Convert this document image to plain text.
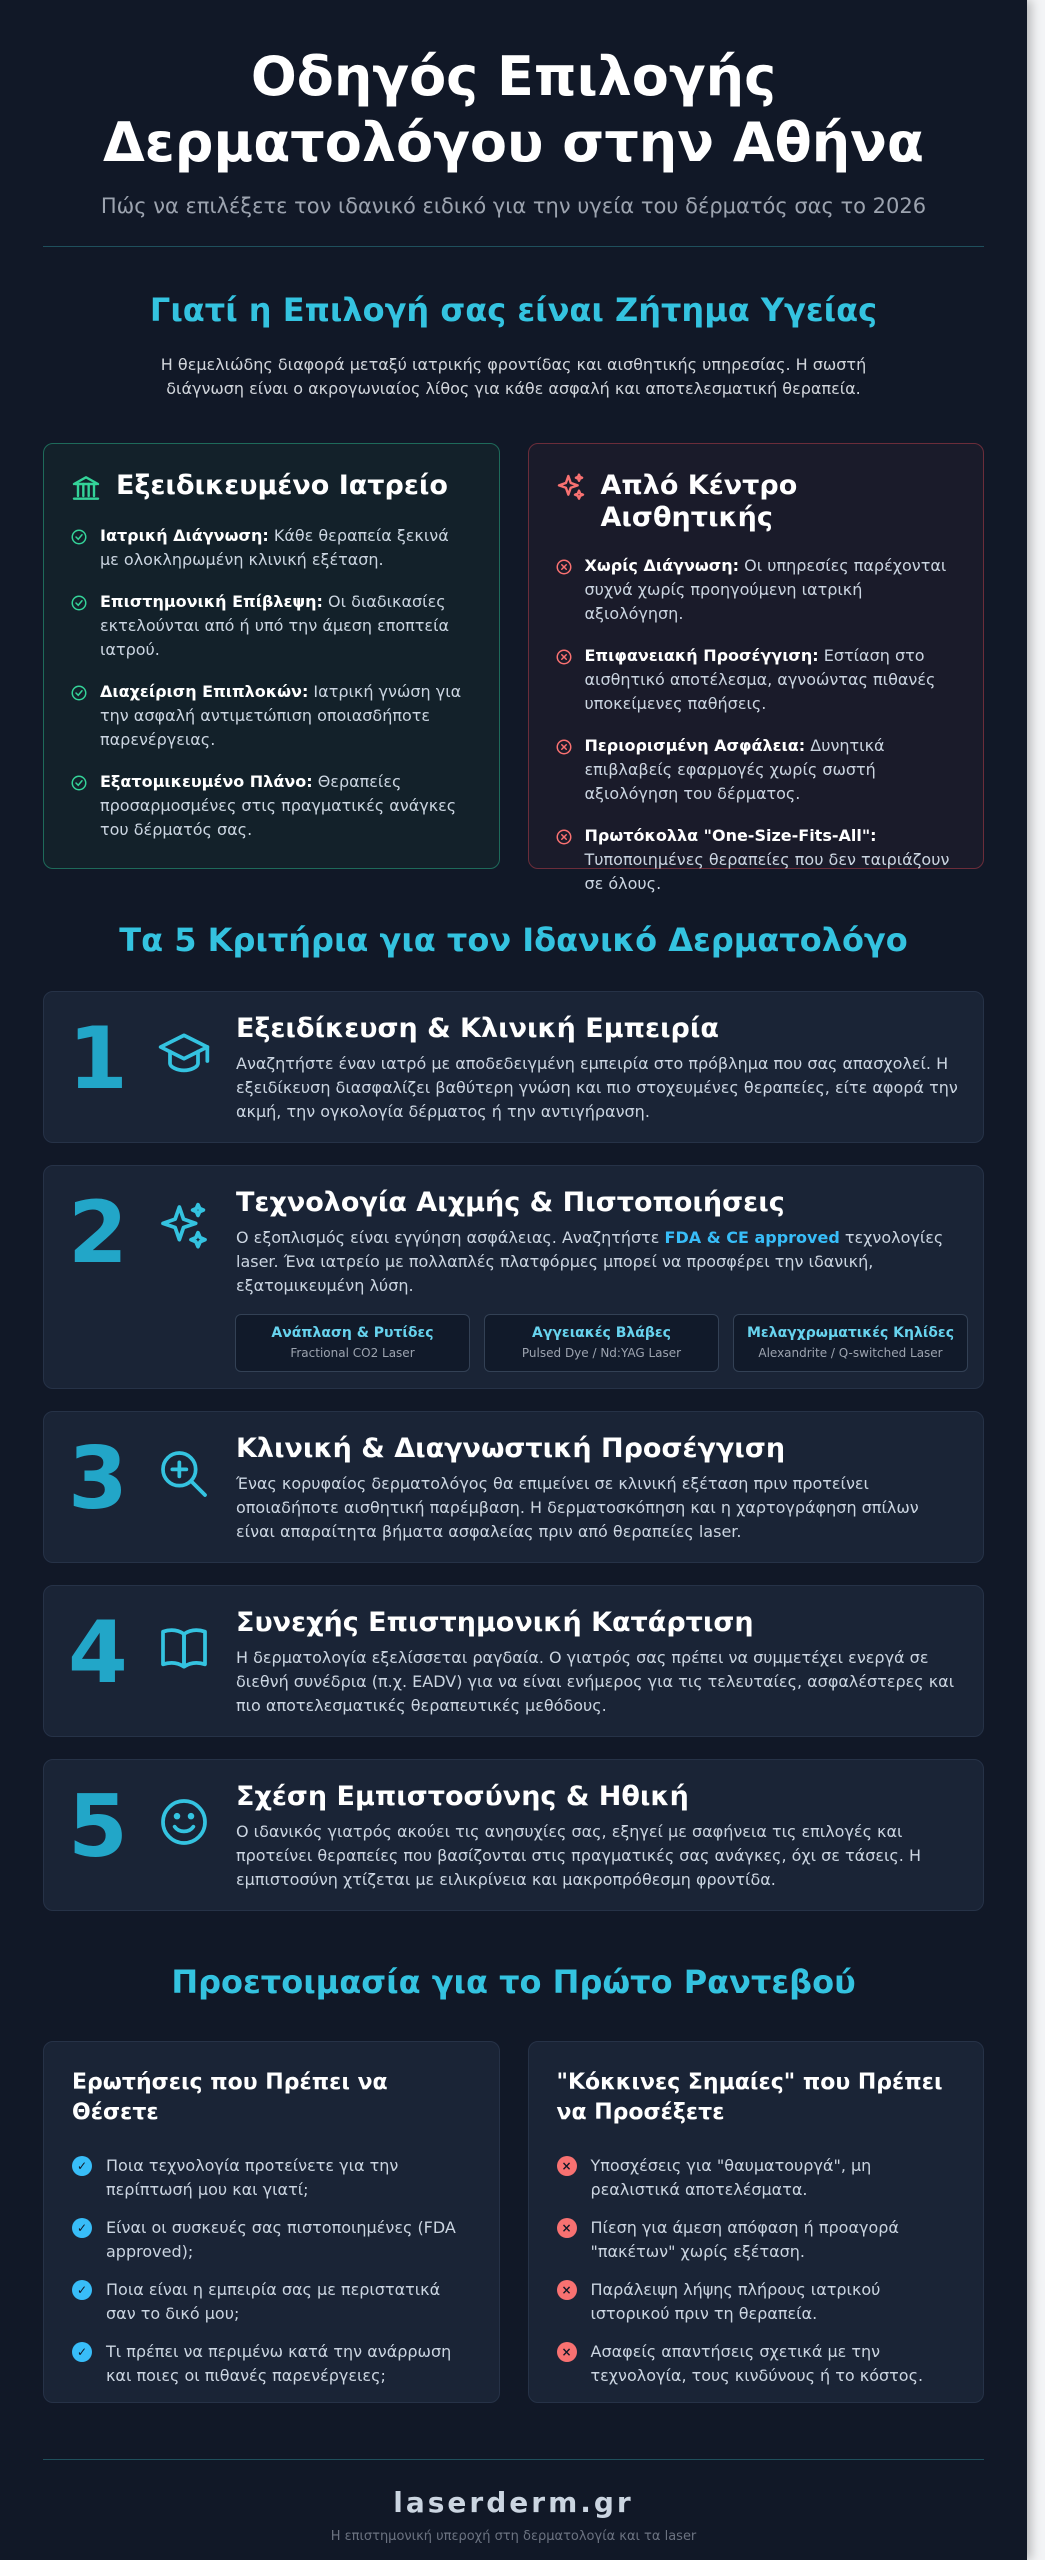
Οδηγός Επιλογής Δερματολόγου στην Αθήνα
Πώς να επιλέξετε τον ιδανικό ειδικό για την υγεία του δέρματός σας το 2026
Γιατί η Επιλογή σας είναι Ζήτημα Υγείας

Η θεμελιώδης διαφορά μεταξύ ιατρικής φροντίδας και αισθητικής υπηρεσίας. Η σωστή διάγνωση είναι ο ακρογωνιαίος λίθος για κάθε ασφαλή και αποτελεσματική θεραπεία.

Εξειδικευμένο Ιατρείο
Ιατρική Διάγνωση: Κάθε θεραπεία ξεκινά με ολοκληρωμένη κλινική εξέταση.
Επιστημονική Επίβλεψη: Οι διαδικασίες εκτελούνται από ή υπό την άμεση εποπτεία ιατρού.
Διαχείριση Επιπλοκών: Ιατρική γνώση για την ασφαλή αντιμετώπιση οποιασδήποτε παρενέργειας.
Εξατομικευμένο Πλάνο: Θεραπείες προσαρμοσμένες στις πραγματικές ανάγκες του δέρματός σας.
Απλό Κέντρο Αισθητικής
Χωρίς Διάγνωση: Οι υπηρεσίες παρέχονται συχνά χωρίς προηγούμενη ιατρική αξιολόγηση.
Επιφανειακή Προσέγγιση: Εστίαση στο αισθητικό αποτέλεσμα, αγνοώντας πιθανές υποκείμενες παθήσεις.
Περιορισμένη Ασφάλεια: Δυνητικά επιβλαβείς εφαρμογές χωρίς σωστή αξιολόγηση του δέρματος.
Πρωτόκολλα "One-Size-Fits-All": Τυποποιημένες θεραπείες που δεν ταιριάζουν σε όλους.
Τα 5 Κριτήρια για τον Ιδανικό Δερματολόγο
1	Εξειδίκευση & Κλινική Εμπειρία
Αναζητήστε έναν ιατρό με αποδεδειγμένη εμπειρία στο πρόβλημα που σας απασχολεί. Η εξειδίκευση διασφαλίζει βαθύτερη γνώση και πιο στοχευμένες θεραπείες, είτε αφορά την ακμή, την ογκολογία δέρματος ή την αντιγήρανση.
2	Τεχνολογία Αιχμής & Πιστοποιήσεις
Ο εξοπλισμός είναι εγγύηση ασφάλειας. Αναζητήστε FDA & CE approved τεχνολογίες laser. Ένα ιατρείο με πολλαπλές πλατφόρμες μπορεί να προσφέρει την ιδανική, εξατομικευμένη λύση.
Ανάπλαση & Ρυτίδες
Fractional CO2 Laser
Αγγειακές Βλάβες
Pulsed Dye / Nd:YAG Laser
Μελαγχρωματικές Κηλίδες
Alexandrite / Q-switched Laser
3	Κλινική & Διαγνωστική Προσέγγιση
Ένας κορυφαίος δερματολόγος θα επιμείνει σε κλινική εξέταση πριν προτείνει οποιαδήποτε αισθητική παρέμβαση. Η δερματοσκόπηση και η χαρτογράφηση σπίλων είναι απαραίτητα βήματα ασφαλείας πριν από θεραπείες laser.
4	Συνεχής Επιστημονική Κατάρτιση
Η δερματολογία εξελίσσεται ραγδαία. Ο γιατρός σας πρέπει να συμμετέχει ενεργά σε διεθνή συνέδρια (π.χ. EADV) για να είναι ενήμερος για τις τελευταίες, ασφαλέστερες και πιο αποτελεσματικές θεραπευτικές μεθόδους.
5	Σχέση Εμπιστοσύνης & Ηθική
Ο ιδανικός γιατρός ακούει τις ανησυχίες σας, εξηγεί με σαφήνεια τις επιλογές και προτείνει θεραπείες που βασίζονται στις πραγματικές σας ανάγκες, όχι σε τάσεις. Η εμπιστοσύνη χτίζεται με ειλικρίνεια και μακροπρόθεσμη φροντίδα.
Προετοιμασία για το Πρώτο Ραντεβού
Ερωτήσεις που Πρέπει να Θέσετε
✓	Ποια τεχνολογία προτείνετε για την περίπτωσή μου και γιατί;
✓	Είναι οι συσκευές σας πιστοποιημένες (FDA approved);
✓	Ποια είναι η εμπειρία σας με περιστατικά σαν το δικό μου;
✓	Τι πρέπει να περιμένω κατά την ανάρρωση και ποιες οι πιθανές παρενέργειες;
"Κόκκινες Σημαίες" που Πρέπει να Προσέξετε
×	Υποσχέσεις για "θαυματουργά", μη ρεαλιστικά αποτελέσματα.
×	Πίεση για άμεση απόφαση ή προαγορά "πακέτων" χωρίς εξέταση.
×	Παράλειψη λήψης πλήρους ιατρικού ιστορικού πριν τη θεραπεία.
×	Ασαφείς απαντήσεις σχετικά με την τεχνολογία, τους κινδύνους ή το κόστος.
laserderm.gr
Η επιστημονική υπεροχή στη δερματολογία και τα laser
